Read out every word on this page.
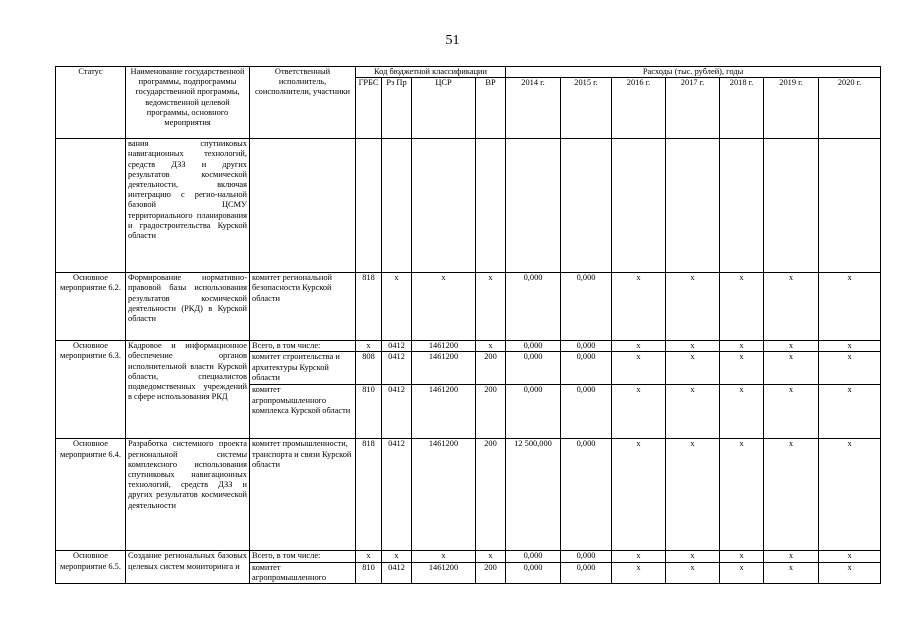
51
Статус	Наименование государственной программы, подпрограммы государственной программы, ведомственной целевой программы, основного мероприятия	Ответственный исполнитель, соисполнители, участники	Код бюджетной классификации				Расходы (тыс. рублей), годы						
			ГРБС	Рз Пр	ЦСР	ВР	2014 г.	2015 г.	2016 г.	2017 г.	2018 г.	2019 г.	2020 г.
	вания спутниковых навигационных технологий, средств ДЗЗ и других результатов космической деятельности, включая интеграцию с регио-нальной базовой ЦСМУ территориального планирования и градостроительства Курской области												
Основное мероприятие 6.2.	Формирование нормативно-правовой базы использования результатов космической деятельности (РКД) в Курской области	комитет региональной безопасности Курской области	818	x	x	x	0,000	0,000	x	x	x	x	x
Основное мероприятие 6.3.	Кадровое и информационное обеспечение органов исполнительной власти Курской области, специалистов подведомственных учреждений в сфере использования РКД	Всего, в том числе:	x	0412	1461200	x	0,000	0,000	x	x	x	x	x
		комитет строительства и архитектуры Курской области	808	0412	1461200	200	0,000	0,000	x	x	x	x	x
		комитет агропромышленного комплекса Курской области	810	0412	1461200	200	0,000	0,000	x	x	x	x	x
Основное мероприятие 6.4.	Разработка системного проекта региональной системы комплексного использования спутниковых навигационных технологий, средств ДЗЗ и других результатов космической деятельности	комитет промышленности, транспорта и связи Курской области	818	0412	1461200	200	12 500,000	0,000	x	x	x	x	x
Основное мероприятие 6.5.	Создание региональных базовых целевых систем мониторинга и	Всего, в том числе:	x	x	x	x	0,000	0,000	x	x	x	x	x
		комитет агропромышленного	810	0412	1461200	200	0,000	0,000	x	x	x	x	x
